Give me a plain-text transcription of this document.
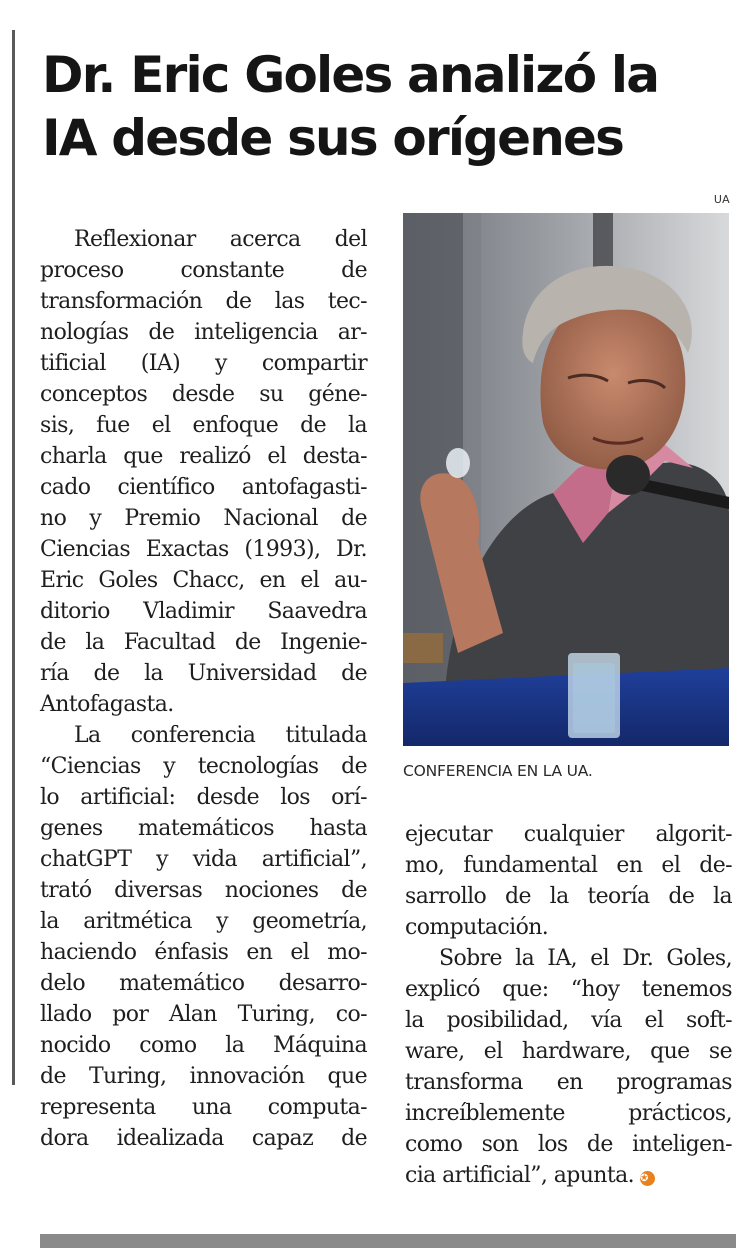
Dr. Eric Goles analizó la
IA desde sus orígenes
UA
CONFERENCIA EN LA UA.
Reflexionar acerca del
proceso constante de
transformación de las tec-
nologías de inteligencia ar-
tificial (IA) y compartir
conceptos desde su géne-
sis, fue el enfoque de la
charla que realizó el desta-
cado científico antofagasti-
no y Premio Nacional de
Ciencias Exactas (1993), Dr.
Eric Goles Chacc, en el au-
ditorio Vladimir Saavedra
de la Facultad de Ingenie-
ría de la Universidad de
Antofagasta.
La conferencia titulada
“Ciencias y tecnologías de
lo artificial: desde los orí-
genes matemáticos hasta
chatGPT y vida artificial”,
trató diversas nociones de
la aritmética y geometría,
haciendo énfasis en el mo-
delo matemático desarro-
llado por Alan Turing, co-
nocido como la Máquina
de Turing, innovación que
representa una computa-
dora idealizada capaz de
ejecutar cualquier algorit-
mo, fundamental en el de-
sarrollo de la teoría de la
computación.
Sobre la IA, el Dr. Goles,
explicó que: “hoy tenemos
la posibilidad, vía el soft-
ware, el hardware, que se
transforma en programas
increíblemente prácticos,
como son los de inteligen-
cia artificial”, apunta. ✪
